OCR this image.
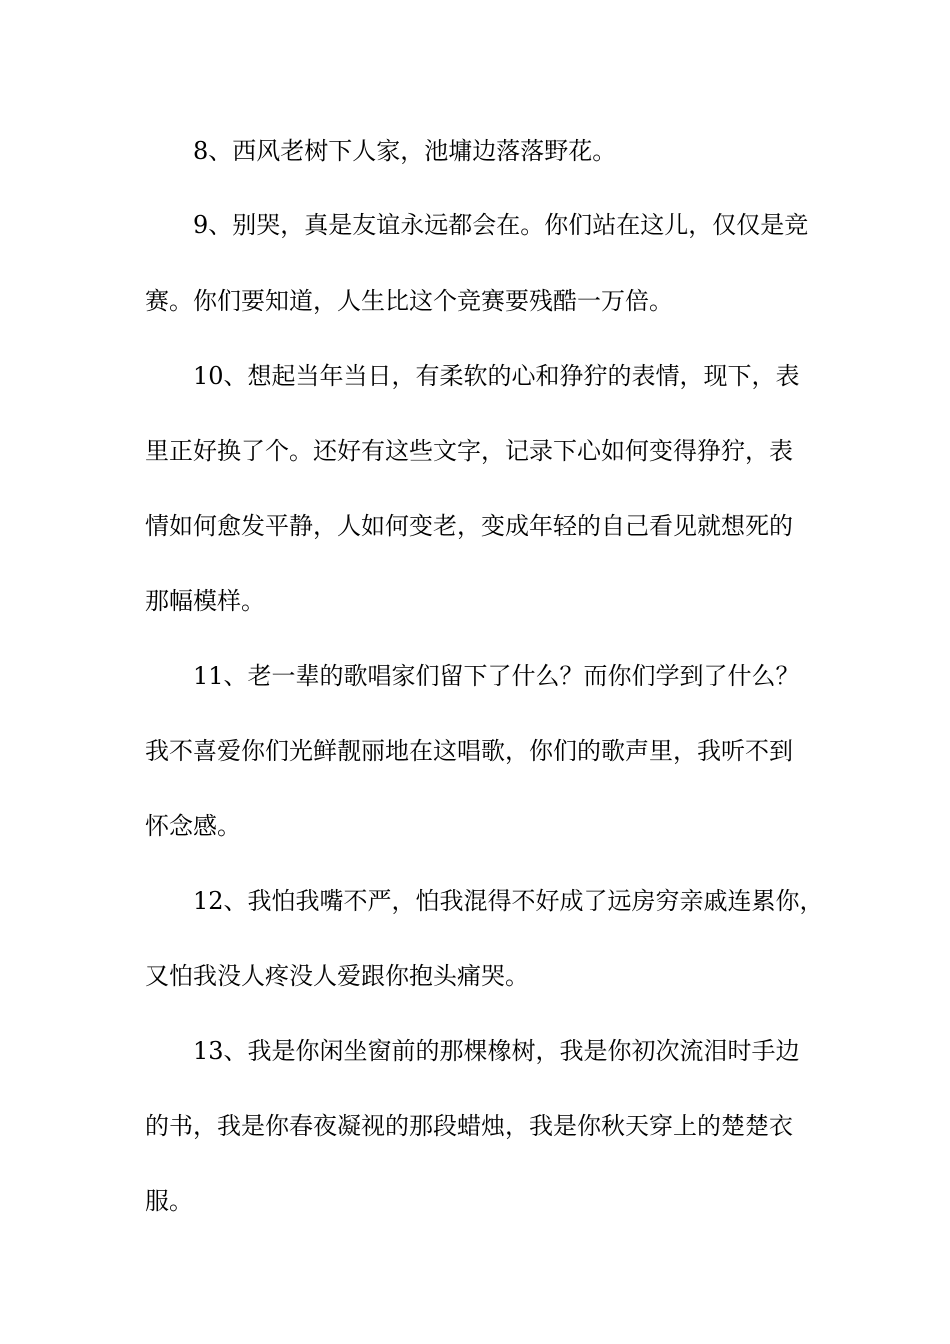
8、西风老树下人家，池墉边落落野花。
9、别哭，真是友谊永远都会在。你们站在这儿，仅仅是竞
赛。你们要知道，人生比这个竞赛要残酷一万倍。
10、想起当年当日，有柔软的心和狰狞的表情，现下，表
里正好换了个。还好有这些文字，记录下心如何变得狰狞，表
情如何愈发平静，人如何变老，变成年轻的自己看见就想死的
那幅模样。
11、老一辈的歌唱家们留下了什么？而你们学到了什么？
我不喜爱你们光鲜靓丽地在这唱歌，你们的歌声里，我听不到
怀念感。
12、我怕我嘴不严，怕我混得不好成了远房穷亲戚连累你，
又怕我没人疼没人爱跟你抱头痛哭。
13、我是你闲坐窗前的那棵橡树，我是你初次流泪时手边
的书，我是你春夜凝视的那段蜡烛，我是你秋天穿上的楚楚衣
服。
